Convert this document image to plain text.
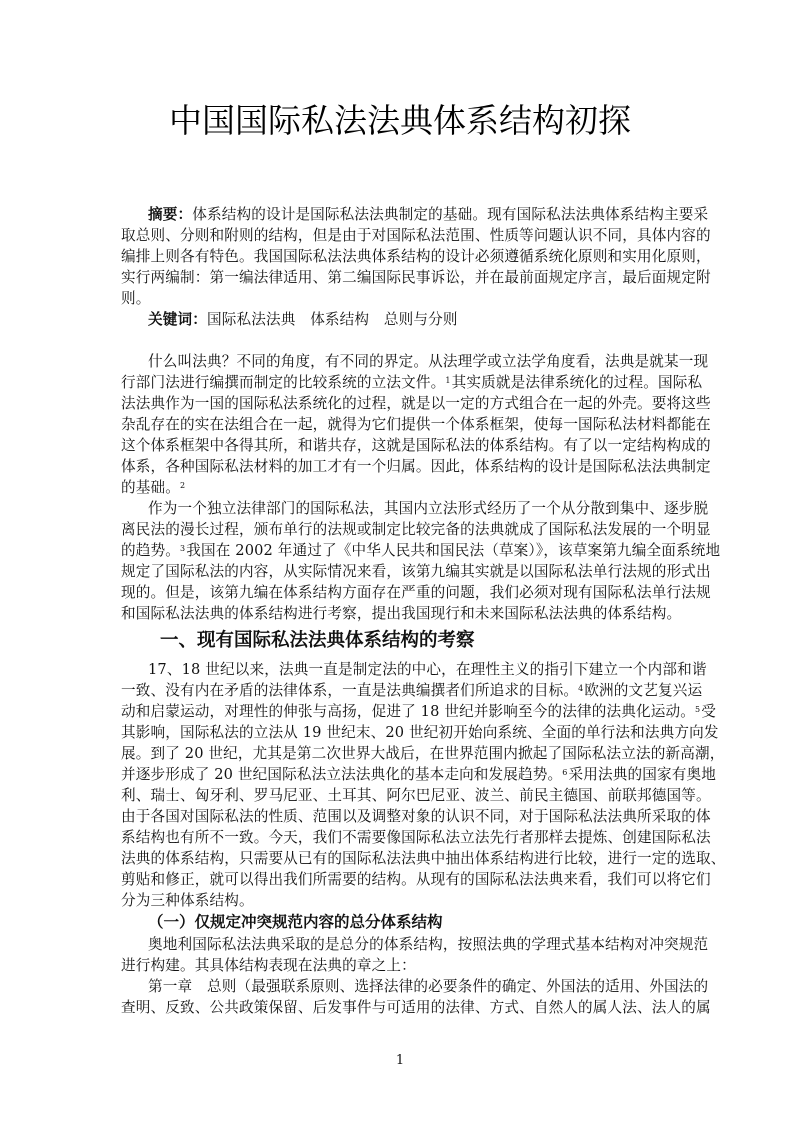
中国国际私法法典体系结构初探
摘要：体系结构的设计是国际私法法典制定的基础。现有国际私法法典体系结构主要采
取总则、分则和附则的结构，但是由于对国际私法范围、性质等问题认识不同，具体内容的
编排上则各有特色。我国国际私法法典体系结构的设计必须遵循系统化原则和实用化原则，
实行两编制：第一编法律适用、第二编国际民事诉讼，并在最前面规定序言，最后面规定附
则。
关键词：国际私法法典　体系结构　总则与分则
什么叫法典？不同的角度，有不同的界定。从法理学或立法学角度看，法典是就某一现
行部门法进行编撰而制定的比较系统的立法文件。$^1$其实质就是法律系统化的过程。国际私
法法典作为一国的国际私法系统化的过程，就是以一定的方式组合在一起的外壳。要将这些
杂乱存在的实在法组合在一起，就得为它们提供一个体系框架，使每一国际私法材料都能在
这个体系框架中各得其所，和谐共存，这就是国际私法的体系结构。有了以一定结构构成的
体系，各种国际私法材料的加工才有一个归属。因此，体系结构的设计是国际私法法典制定
的基础。$^2$
作为一个独立法律部门的国际私法，其国内立法形式经历了一个从分散到集中、逐步脱
离民法的漫长过程，颁布单行的法规或制定比较完备的法典就成了国际私法发展的一个明显
的趋势。$^3$我国在 2002 年通过了《中华人民共和国民法（草案）》，该草案第九编全面系统地
规定了国际私法的内容，从实际情况来看，该第九编其实就是以国际私法单行法规的形式出
现的。但是，该第九编在体系结构方面存在严重的问题，我们必须对现有国际私法单行法规
和国际私法法典的体系结构进行考察，提出我国现行和未来国际私法法典的体系结构。
一、现有国际私法法典体系结构的考察
17、18 世纪以来，法典一直是制定法的中心，在理性主义的指引下建立一个内部和谐
一致、没有内在矛盾的法律体系，一直是法典编撰者们所追求的目标。$^4$欧洲的文艺复兴运
动和启蒙运动，对理性的伸张与高扬，促进了 18 世纪并影响至今的法律的法典化运动。$^5$受
其影响，国际私法的立法从 19 世纪末、20 世纪初开始向系统、全面的单行法和法典方向发
展。到了 20 世纪，尤其是第二次世界大战后，在世界范围内掀起了国际私法立法的新高潮，
并逐步形成了 20 世纪国际私法立法法典化的基本走向和发展趋势。$^6$采用法典的国家有奥地
利、瑞士、匈牙利、罗马尼亚、土耳其、阿尔巴尼亚、波兰、前民主德国、前联邦德国等。
由于各国对国际私法的性质、范围以及调整对象的认识不同，对于国际私法法典所采取的体
系结构也有所不一致。今天，我们不需要像国际私法立法先行者那样去提炼、创建国际私法
法典的体系结构，只需要从已有的国际私法法典中抽出体系结构进行比较，进行一定的选取、
剪贴和修正，就可以得出我们所需要的结构。从现有的国际私法法典来看，我们可以将它们
分为三种体系结构。
（一）仅规定冲突规范内容的总分体系结构
奥地利国际私法法典采取的是总分的体系结构，按照法典的学理式基本结构对冲突规范
进行构建。其具体结构表现在法典的章之上：
第一章　总则（最强联系原则、选择法律的必要条件的确定、外国法的适用、外国法的
查明、反致、公共政策保留、后发事件与可适用的法律、方式、自然人的属人法、法人的属
1
